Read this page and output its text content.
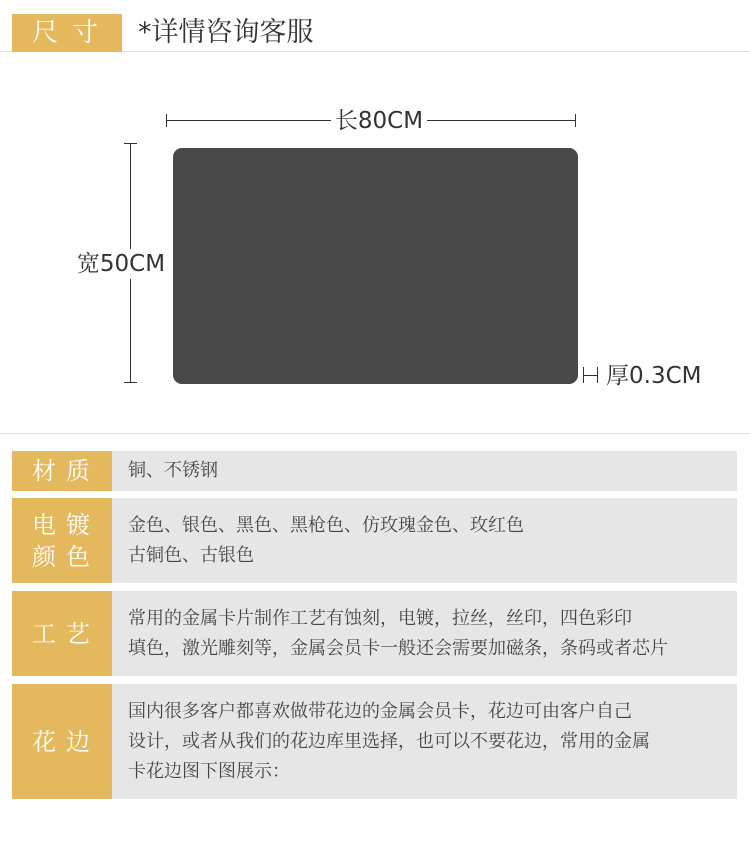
尺寸 *详情咨询客服
长80CM
宽50CM
厚0.3CM
材质 铜、不锈钢
电镀
颜色
金色、银色、黑色、黑枪色、仿玫瑰金色、玫红色
古铜色、古银色
工艺
常用的金属卡片制作工艺有蚀刻，电镀，拉丝，丝印，四色彩印
填色，激光雕刻等，金属会员卡一般还会需要加磁条，条码或者芯片
花边
国内很多客户都喜欢做带花边的金属会员卡，花边可由客户自己
设计，或者从我们的花边库里选择，也可以不要花边，常用的金属
卡花边图下图展示：
